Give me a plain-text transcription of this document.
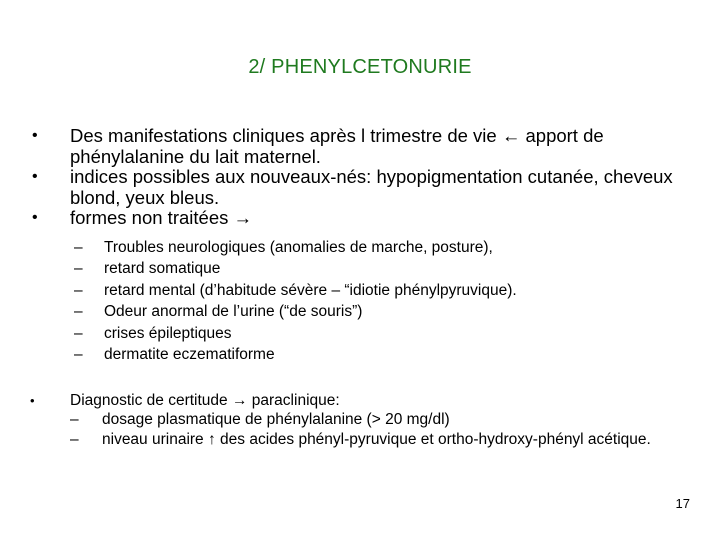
2/ PHENYLCETONURIE
•	Des manifestations cliniques après l trimestre de vie ← apport de phénylalanine du lait maternel.
•	indices possibles aux nouveaux-nés: hypopigmentation cutanée, cheveux blond, yeux bleus.
•	formes non traitées →
–	Troubles neurologiques (anomalies de marche, posture),
–	retard somatique
–	retard mental (d’habitude sévère – “idiotie phénylpyruvique).
–	Odeur anormal de l’urine (“de souris”)
–	crises épileptiques
–	dermatite eczematiforme
•	Diagnostic de certitude → paraclinique:
–	dosage plasmatique de phénylalanine (> 20 mg/dl)
–	niveau urinaire ↑ des acides phényl-pyruvique et ortho-hydroxy-phényl acétique.
17
